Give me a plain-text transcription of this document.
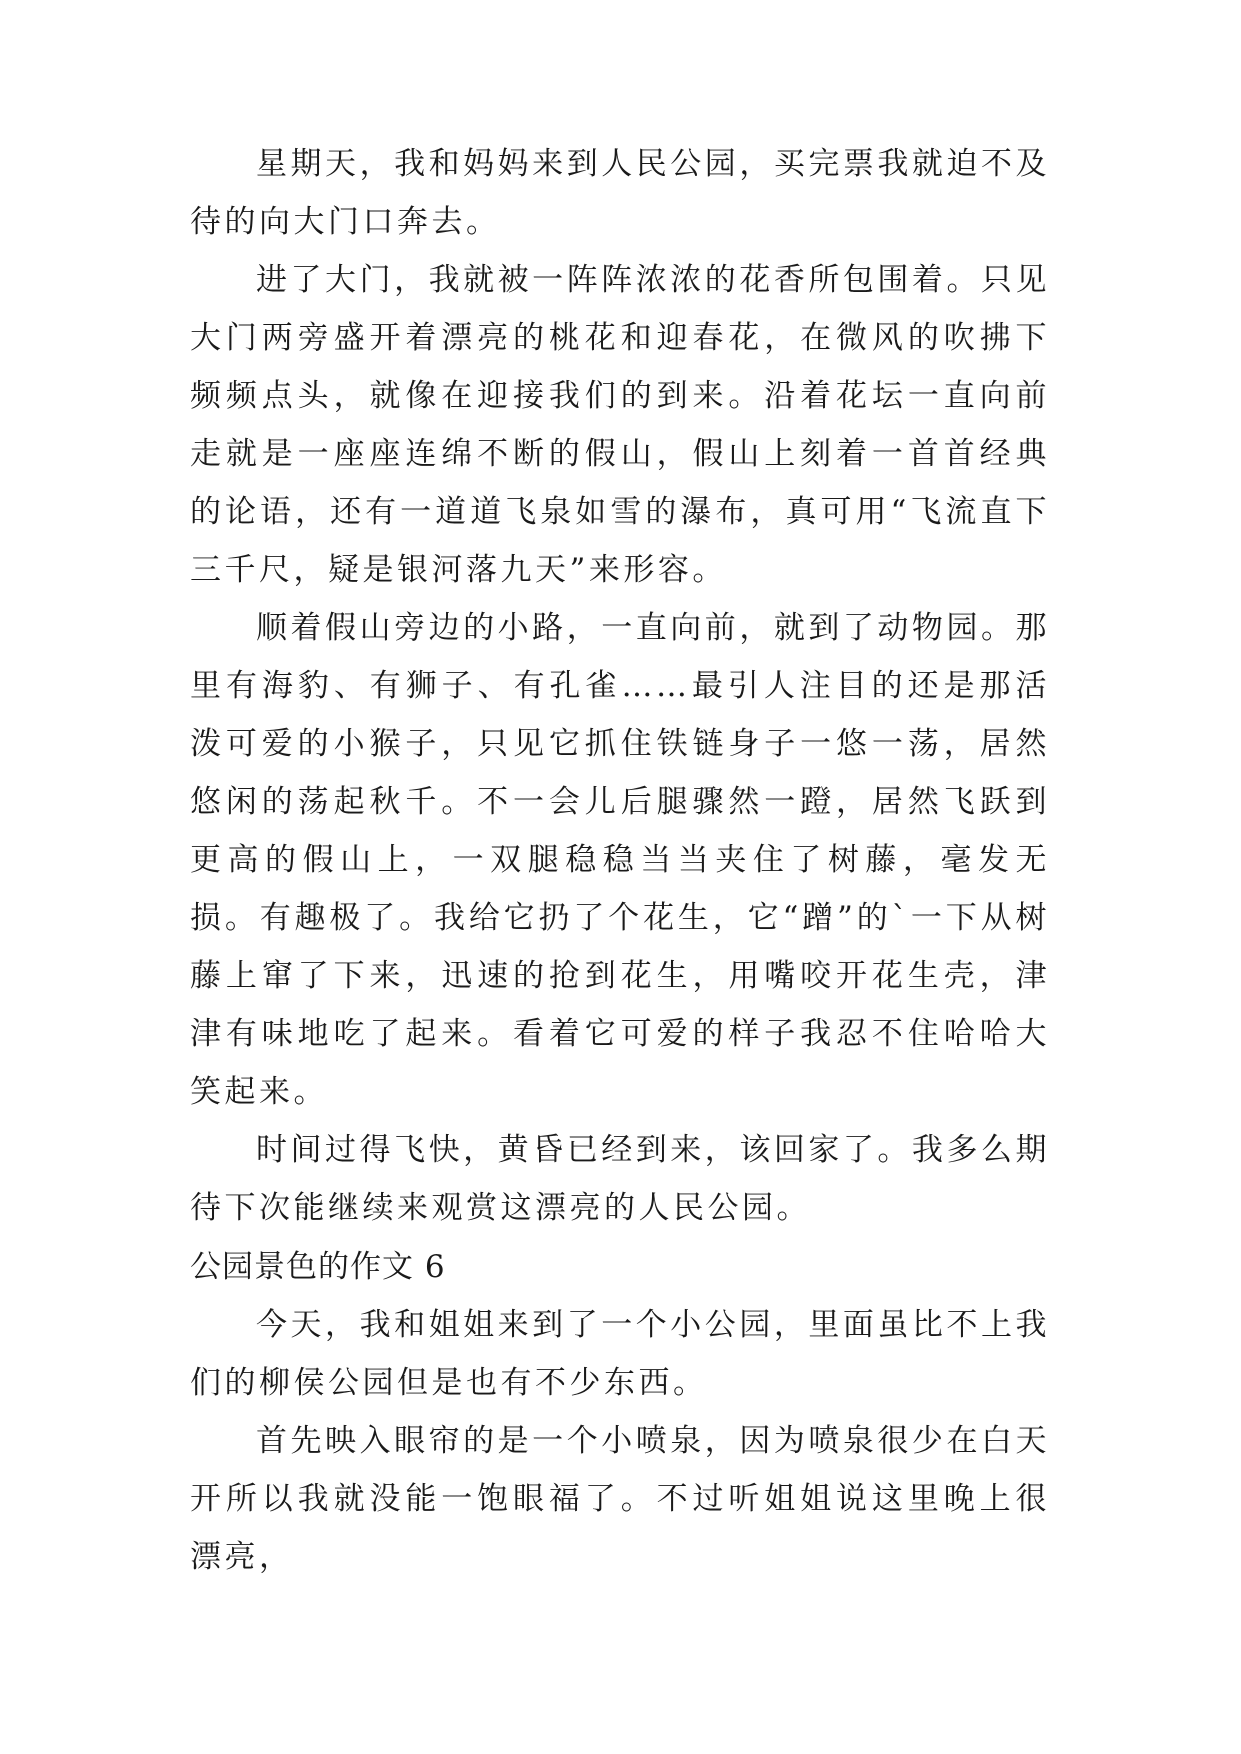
星期天，我和妈妈来到人民公园，买完票我就迫不及待的向大门口奔去。

进了大门，我就被一阵阵浓浓的花香所包围着。只见大门两旁盛开着漂亮的桃花和迎春花，在微风的吹拂下频频点头，就像在迎接我们的到来。沿着花坛一直向前走就是一座座连绵不断的假山，假山上刻着一首首经典的论语，还有一道道飞泉如雪的瀑布，真可用“飞流直下三千尺，疑是银河落九天”来形容。

顺着假山旁边的小路，一直向前，就到了动物园。那里有海豹、有狮子、有孔雀……最引人注目的还是那活泼可爱的小猴子，只见它抓住铁链身子一悠一荡，居然悠闲的荡起秋千。不一会儿后腿骤然一蹬，居然飞跃到更高的假山上，一双腿稳稳当当夹住了树藤，毫发无损。有趣极了。我给它扔了个花生，它“蹭”的`一下从树藤上窜了下来，迅速的抢到花生，用嘴咬开花生壳，津津有味地吃了起来。看着它可爱的样子我忍不住哈哈大笑起来。

时间过得飞快，黄昏已经到来，该回家了。我多么期待下次能继续来观赏这漂亮的人民公园。

公园景色的作文 6

今天，我和姐姐来到了一个小公园，里面虽比不上我们的柳侯公园但是也有不少东西。

首先映入眼帘的是一个小喷泉，因为喷泉很少在白天开所以我就没能一饱眼福了。不过听姐姐说这里晚上很漂亮，
